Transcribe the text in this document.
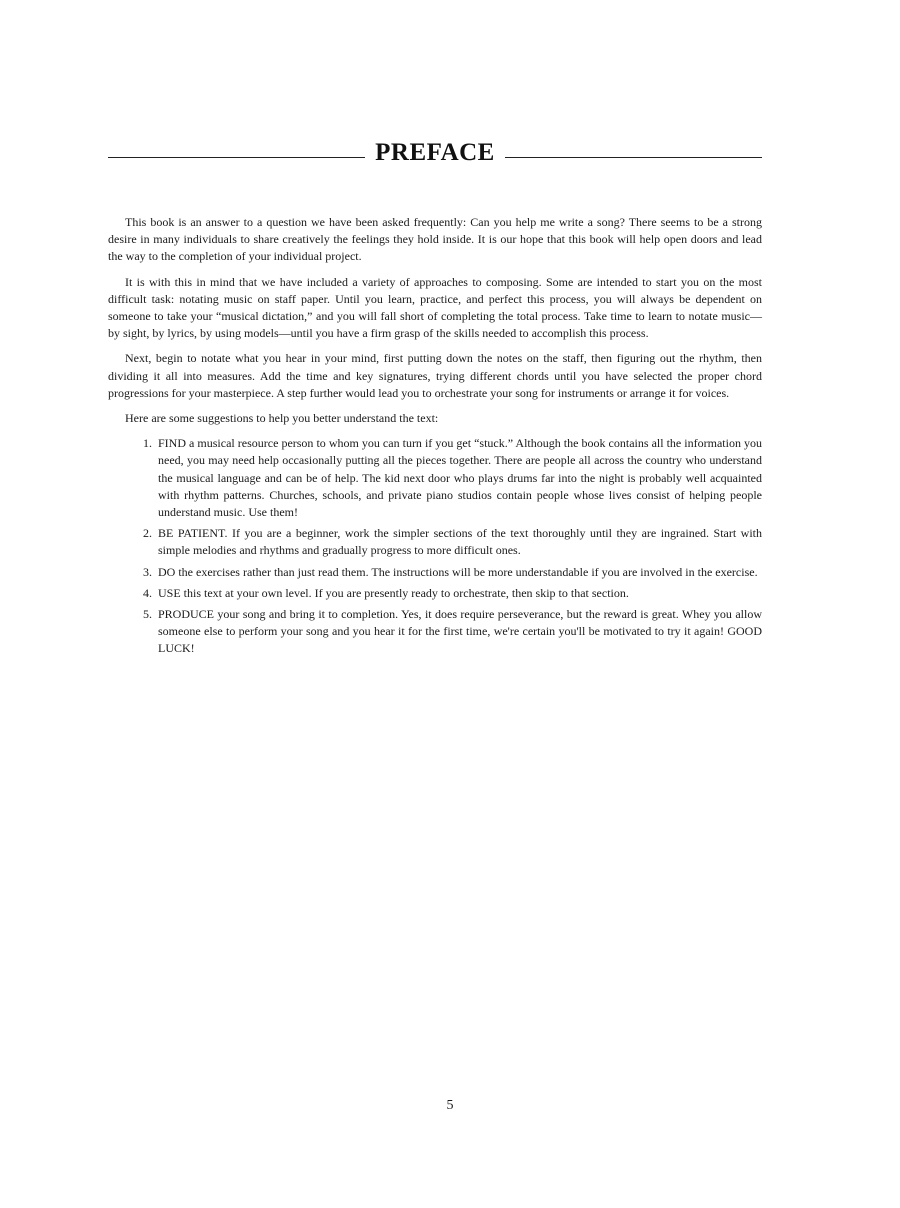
PREFACE

This book is an answer to a question we have been asked frequently: Can you help me write a song? There seems to be a strong desire in many individuals to share creatively the feelings they hold inside. It is our hope that this book will help open doors and lead the way to the completion of your individual project.

It is with this in mind that we have included a variety of approaches to composing. Some are intended to start you on the most difficult task: notating music on staff paper. Until you learn, practice, and perfect this process, you will always be dependent on someone to take your “musical dictation,” and you will fall short of completing the total process. Take time to learn to notate music—by sight, by lyrics, by using models—until you have a firm grasp of the skills needed to accomplish this process.

Next, begin to notate what you hear in your mind, first putting down the notes on the staff, then figuring out the rhythm, then dividing it all into measures. Add the time and key signatures, trying different chords until you have selected the proper chord progressions for your masterpiece. A step further would lead you to orchestrate your song for instruments or arrange it for voices.

Here are some suggestions to help you better understand the text:

1. FIND a musical resource person to whom you can turn if you get “stuck.” Although the book contains all the information you need, you may need help occasionally putting all the pieces together. There are people all across the country who understand the musical language and can be of help. The kid next door who plays drums far into the night is probably well acquainted with rhythm patterns. Churches, schools, and private piano studios contain people whose lives consist of helping people understand music. Use them!
2. BE PATIENT. If you are a beginner, work the simpler sections of the text thoroughly until they are ingrained. Start with simple melodies and rhythms and gradually progress to more difficult ones.
3. DO the exercises rather than just read them. The instructions will be more understandable if you are involved in the exercise.
4. USE this text at your own level. If you are presently ready to orchestrate, then skip to that section.
5. PRODUCE your song and bring it to completion. Yes, it does require perseverance, but the reward is great. Whey you allow someone else to perform your song and you hear it for the first time, we're certain you'll be motivated to try it again! GOOD LUCK!
5
